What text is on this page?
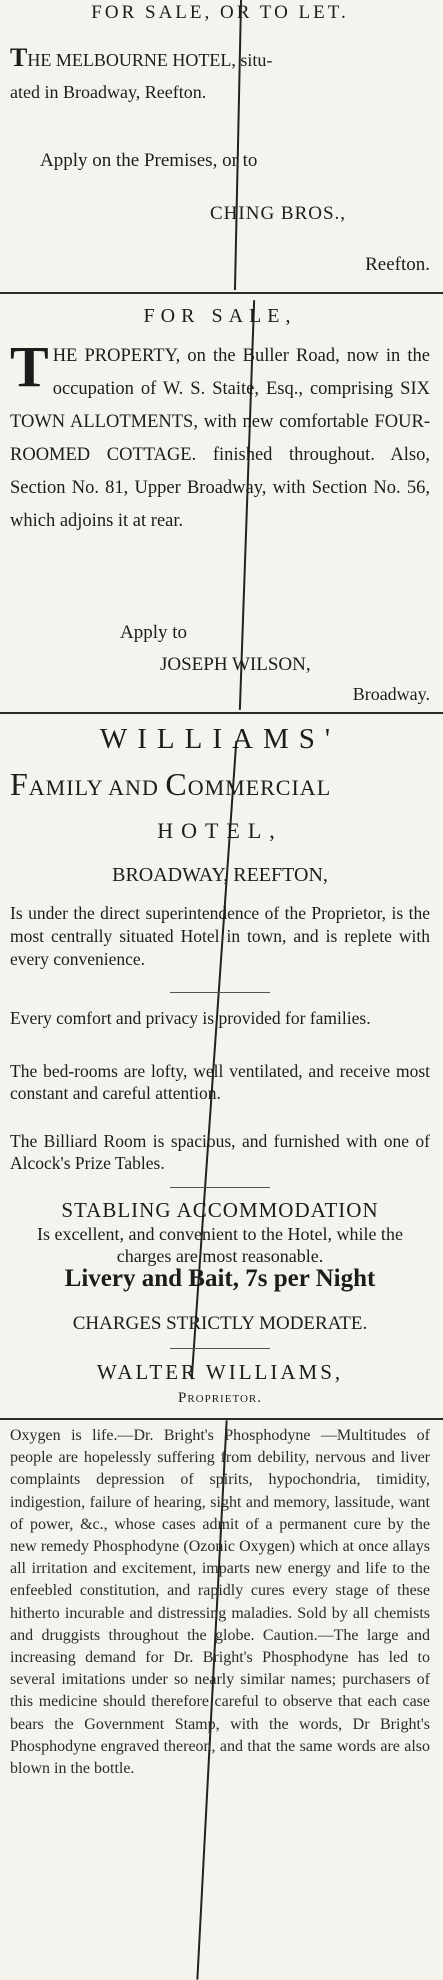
FOR SALE, OR TO LET.
THE MELBOURNE HOTEL, situ-
ated in Broadway, Reefton.
Apply on the Premises, or to
CHING BROS.,
Reefton.
FOR SALE,
THE PROPERTY, on the Buller Road, now in the occupation of W. S. Staite, Esq., comprising SIX TOWN ALLOTMENTS, with new comfortable FOUR-ROOMED COTTAGE. finished throughout. Also, Section No. 81, Upper Broadway, with Section No. 56, which adjoins it at rear.
Apply to
JOSEPH WILSON,
Broadway.
WILLIAMS'
FAMILY AND COMMERCIAL
HOTEL,
BROADWAY, REEFTON,
Is under the direct superintendence of the Proprietor, is the most centrally situated Hotel in town, and is replete with every convenience.
Every comfort and privacy is provided for families.
The bed-rooms are lofty, well ventilated, and receive most constant and careful attention.
The Billiard Room is spacious, and furnished with one of Alcock's Prize Tables.
STABLING ACCOMMODATION
Is excellent, and convenient to the Hotel, while the charges are most reasonable.
Livery and Bait, 7s per Night
CHARGES STRICTLY MODERATE.
WALTER WILLIAMS,
Proprietor.
Oxygen is life.—Dr. Bright's Phosphodyne —Multitudes of people are hopelessly suffering from debility, nervous and liver complaints depression of spirits, hypochondria, timidity, indigestion, failure of hearing, sight and memory, lassitude, want of power, &c., whose cases admit of a permanent cure by the new remedy Phosphodyne (Ozonic Oxygen) which at once allays all irritation and excitement, imparts new energy and life to the enfeebled constitution, and rapidly cures every stage of these hitherto incurable and distressing maladies. Sold by all chemists and druggists throughout the globe. Caution.—The large and increasing demand for Dr. Bright's Phosphodyne has led to several imitations under so nearly similar names; purchasers of this medicine should therefore careful to observe that each case bears the Government Stamp, with the words, Dr Bright's Phosphodyne engraved thereon, and that the same words are also blown in the bottle.
